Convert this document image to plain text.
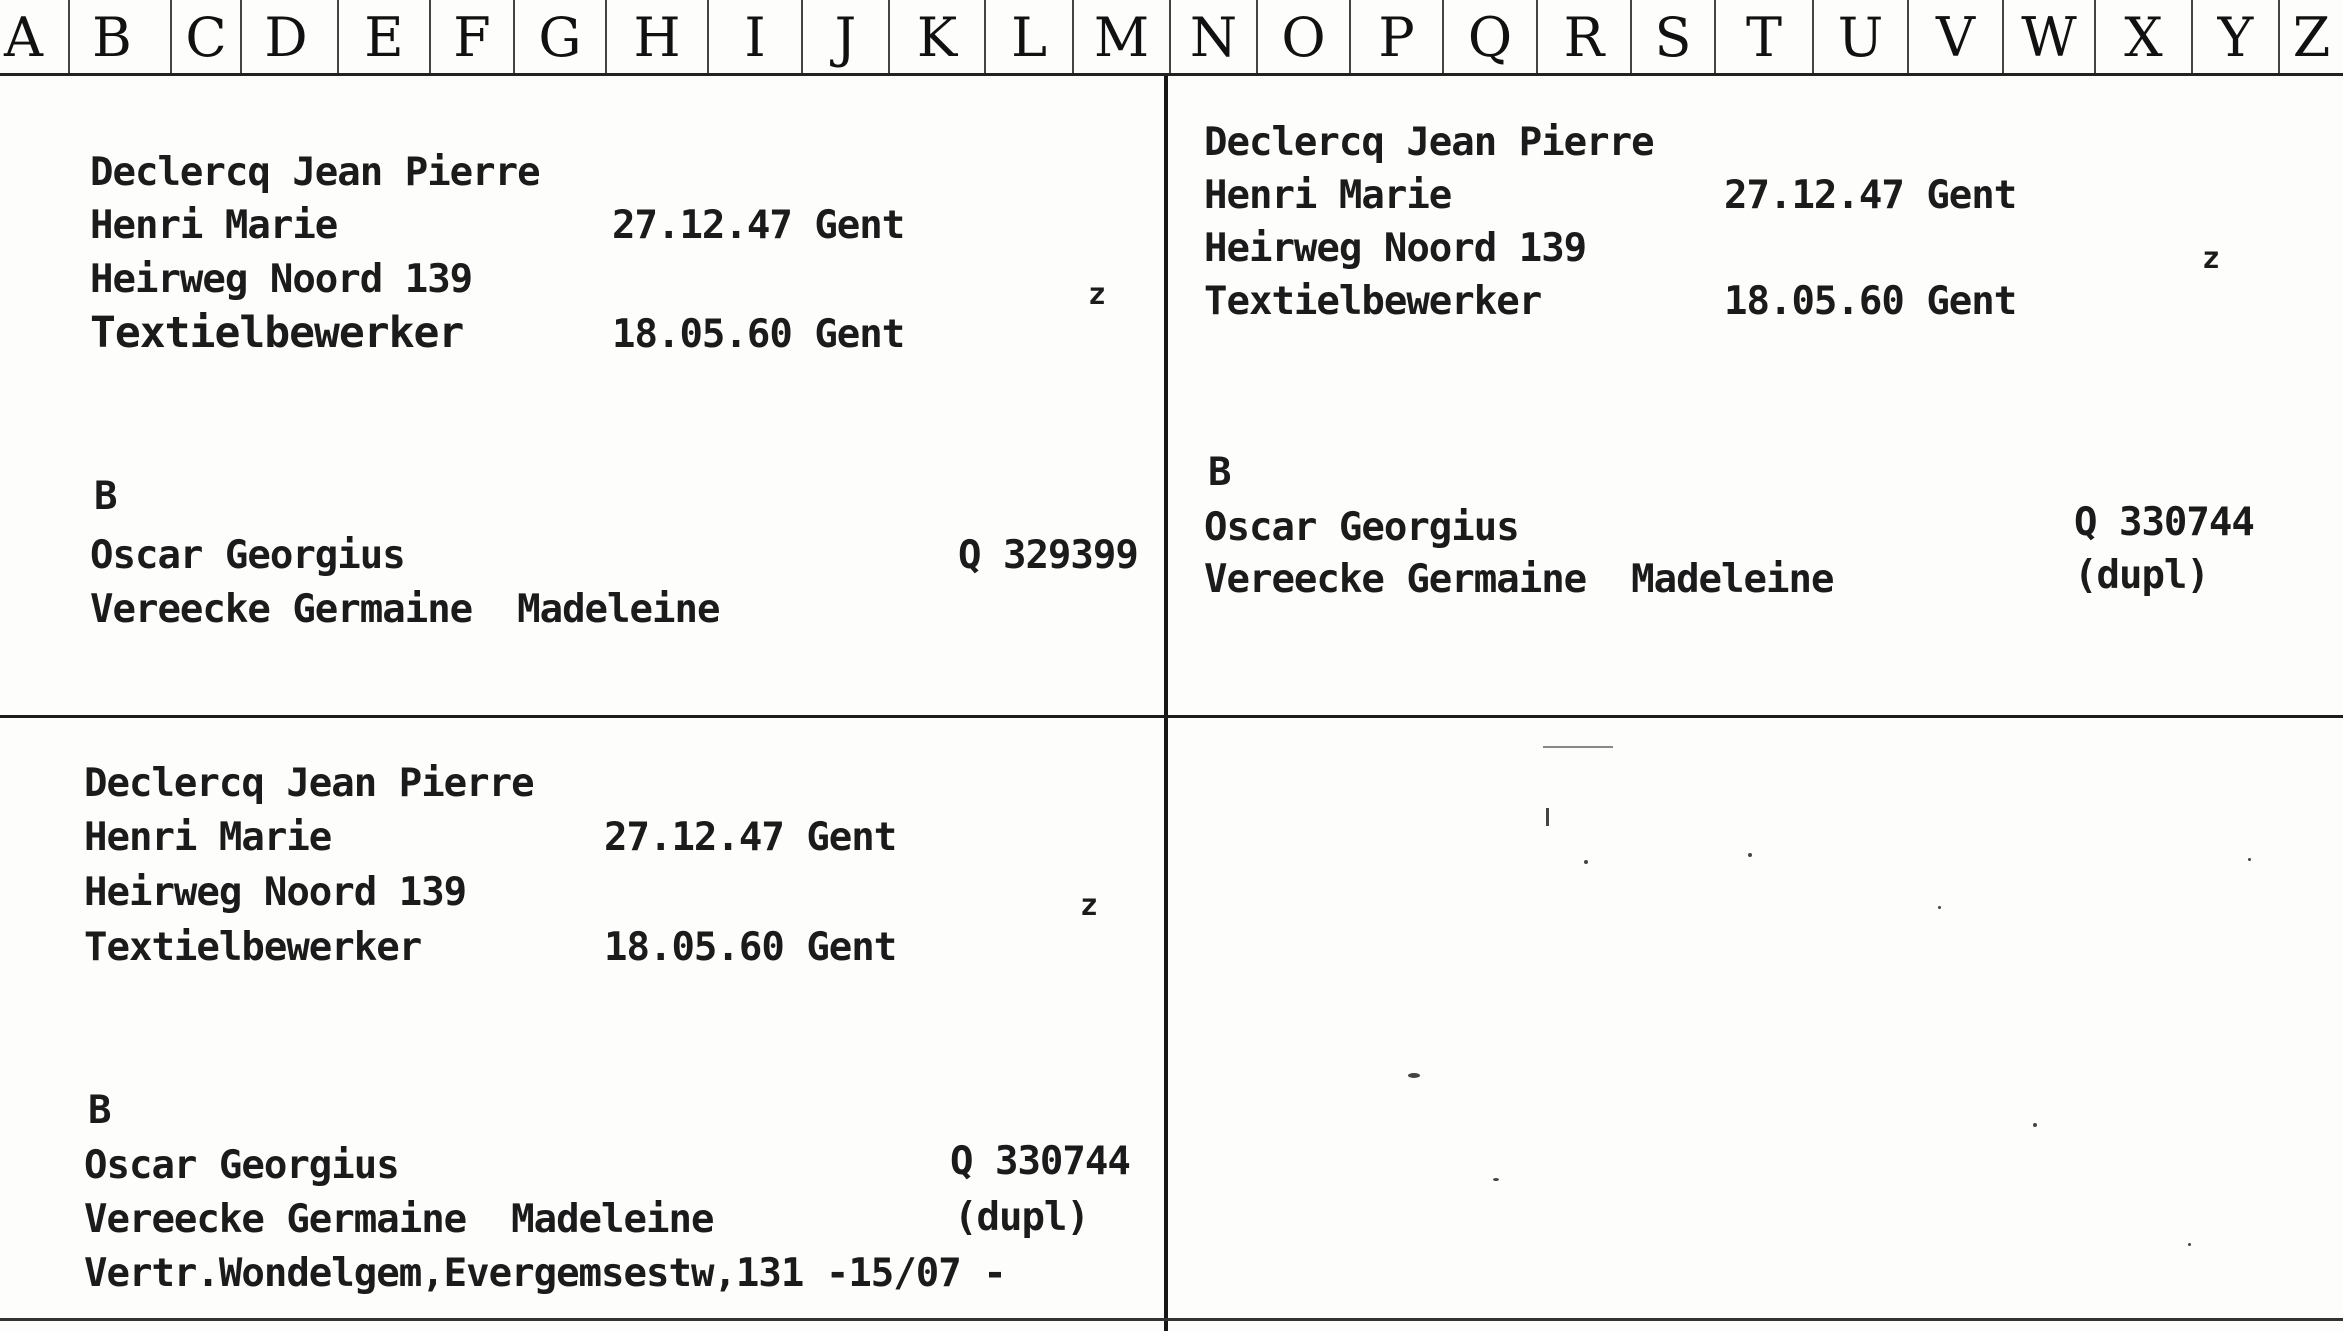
A B C D	E F G H	I	J	K L M N O P Q R S	T	U V W X	Y Z
Declercq Jean Pierre
Henri Marie	27.12.47 Gent
Heirweg Noord 139	z
Textielbewerker	18.05.60 Gent
B
Oscar Georgius	Q 329399
Vereecke Germaine  Madeleine
Declercq Jean Pierre
Henri Marie	27.12.47 Gent
Heirweg Noord 139	z
Textielbewerker	18.05.60 Gent
B
Oscar Georgius	Q 330744
Vereecke Germaine  Madeleine	(dupl)
Declercq Jean Pierre
Henri Marie	27.12.47 Gent
Heirweg Noord 139	z
Textielbewerker	18.05.60 Gent
B
Oscar Georgius	Q 330744
Vereecke Germaine  Madeleine	(dupl)
Vertr.Wondelgem,Evergemsestw,131 -15/07 -
